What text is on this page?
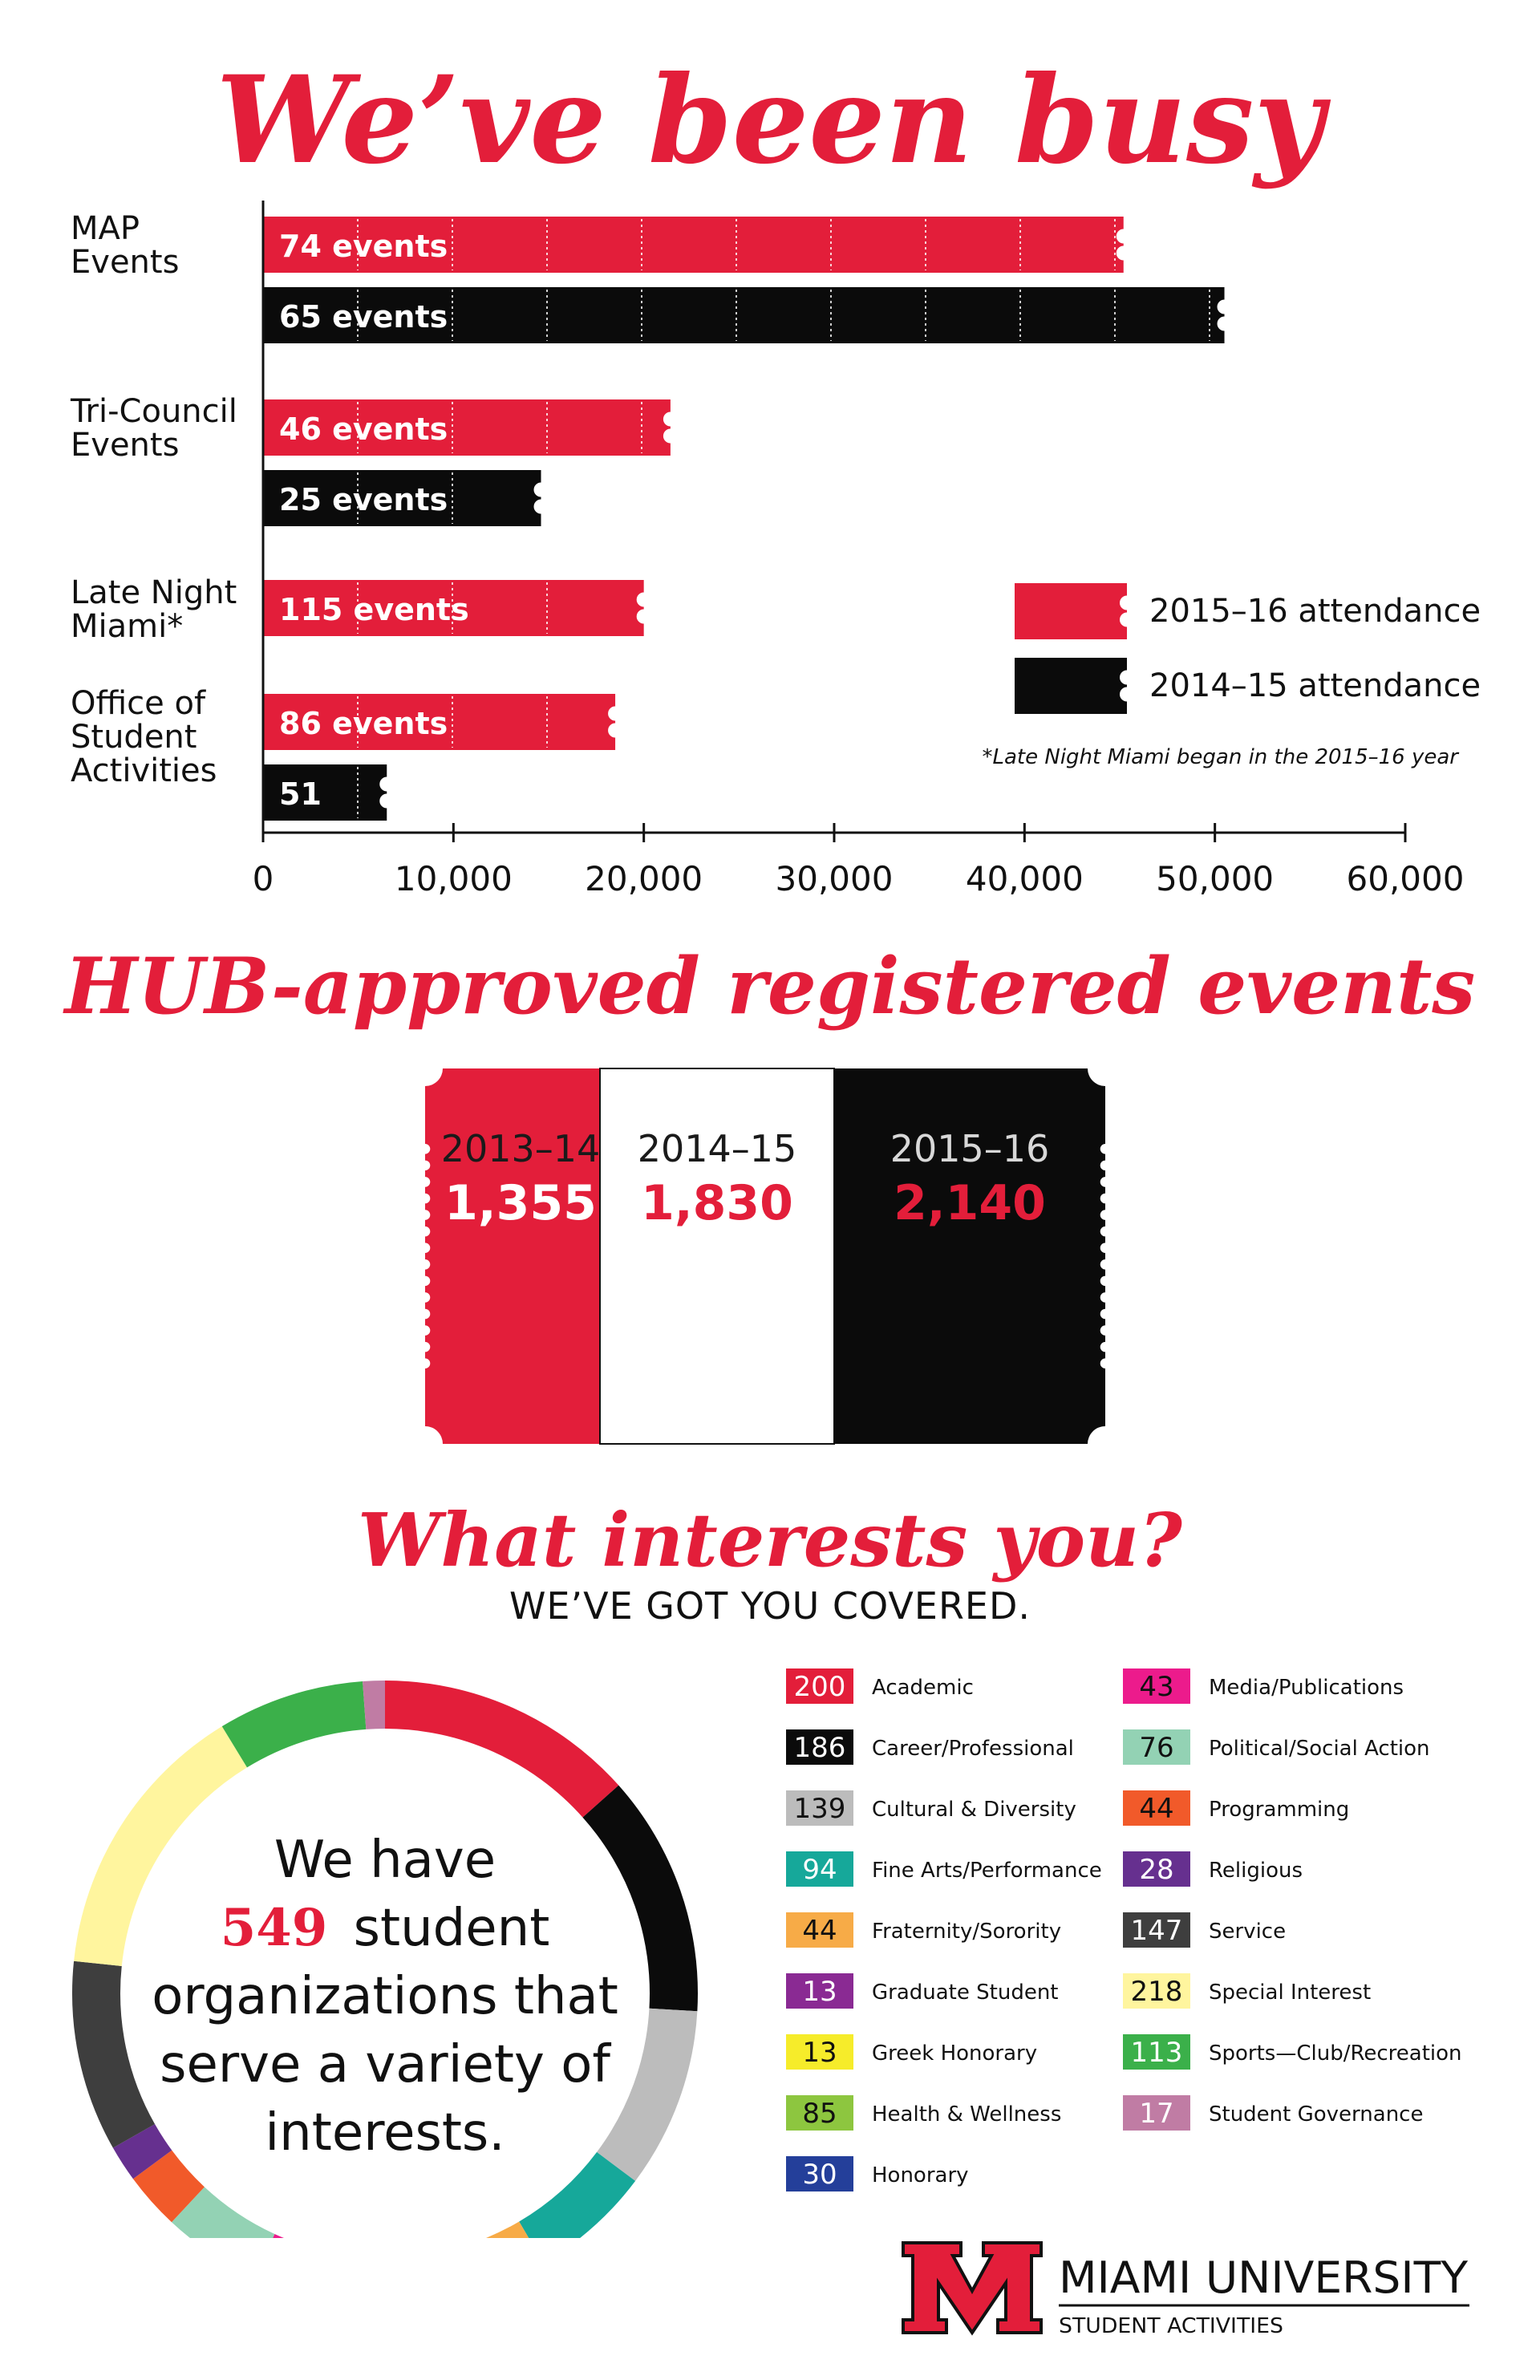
We’ve been busy
74 events
65 events
46 events
25 events
115 events
86 events
51
MAP Events
Tri-Council Events
Late Night Miami*
Office of Student Activities
0	10,000 20,000 30,000 40,000 50,000 60,000
2015–16 attendance
2014–15 attendance
*Late Night Miami began in the 2015–16 year
HUB-approved registered events
2013–14
1,355
2014–15
1,830
2015–16
2,140
What interests you?
WE’VE GOT YOU COVERED.
We have
549 student
organizations that
serve a variety of
interests.
200 Academic
186 Career/Professional
139 Cultural & Diversity
94 Fine Arts/Performance
44 Fraternity/Sorority
13 Graduate Student
13 Greek Honorary
85 Health & Wellness
30 Honorary
43 Media/Publications
76 Political/Social Action
44 Programming
28 Religious
147 Service
218 Special Interest
113 Sports—Club/Recreation
17 Student Governance
MIAMI UNIVERSITY
STUDENT ACTIVITIES
